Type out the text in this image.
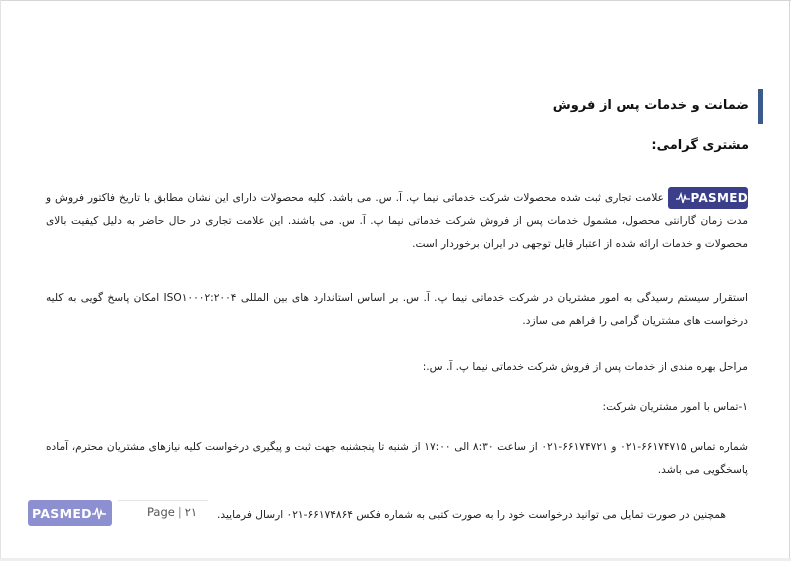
ضمانت و خدمات پس از فروش
مشتری گرامی:
PASMED
علامت تجاری ثبت شده محصولات شرکت خدماتی نیما پ. آ. س. می باشد. کلیه محصولات دارای این نشان مطابق با تاریخ فاکتور فروش و مدت زمان گارانتی محصول، مشمول خدمات پس از فروش شرکت خدماتی نیما پ. آ. س. می باشند. این علامت تجاری در حال حاضر به دلیل کیفیت بالای محصولات و خدمات ارائه شده از اعتبار قابل توجهی در ایران برخوردار است.
استقرار سیستم رسیدگی به امور مشتریان در شرکت خدماتی نیما پ. آ. س. بر اساس استاندارد های بین المللی ISO۱۰۰۰۲:۲۰۰۴ امکان پاسخ گویی به کلیه درخواست های مشتریان گرامی را فراهم می سازد.
مراحل بهره مندی از خدمات پس از فروش شرکت خدماتی نیما پ. آ. س.:
۱-تماس با امور مشتریان شرکت:
شماره تماس ۶۶۱۷۴۷۱۵-۰۲۱ و ۶۶۱۷۴۷۲۱-۰۲۱ از ساعت ۸:۳۰ الی ۱۷:۰۰ از شنبه تا پنجشنبه جهت ثبت و پیگیری درخواست کلیه نیازهای مشتریان محترم، آماده پاسخگویی می باشد.
همچنین در صورت تمایل می توانید درخواست خود را به صورت کتبی به شماره فکس ۶۶۱۷۴۸۶۴-۰۲۱ ارسال فرمایید.
PASMED	Page | ۲۱
